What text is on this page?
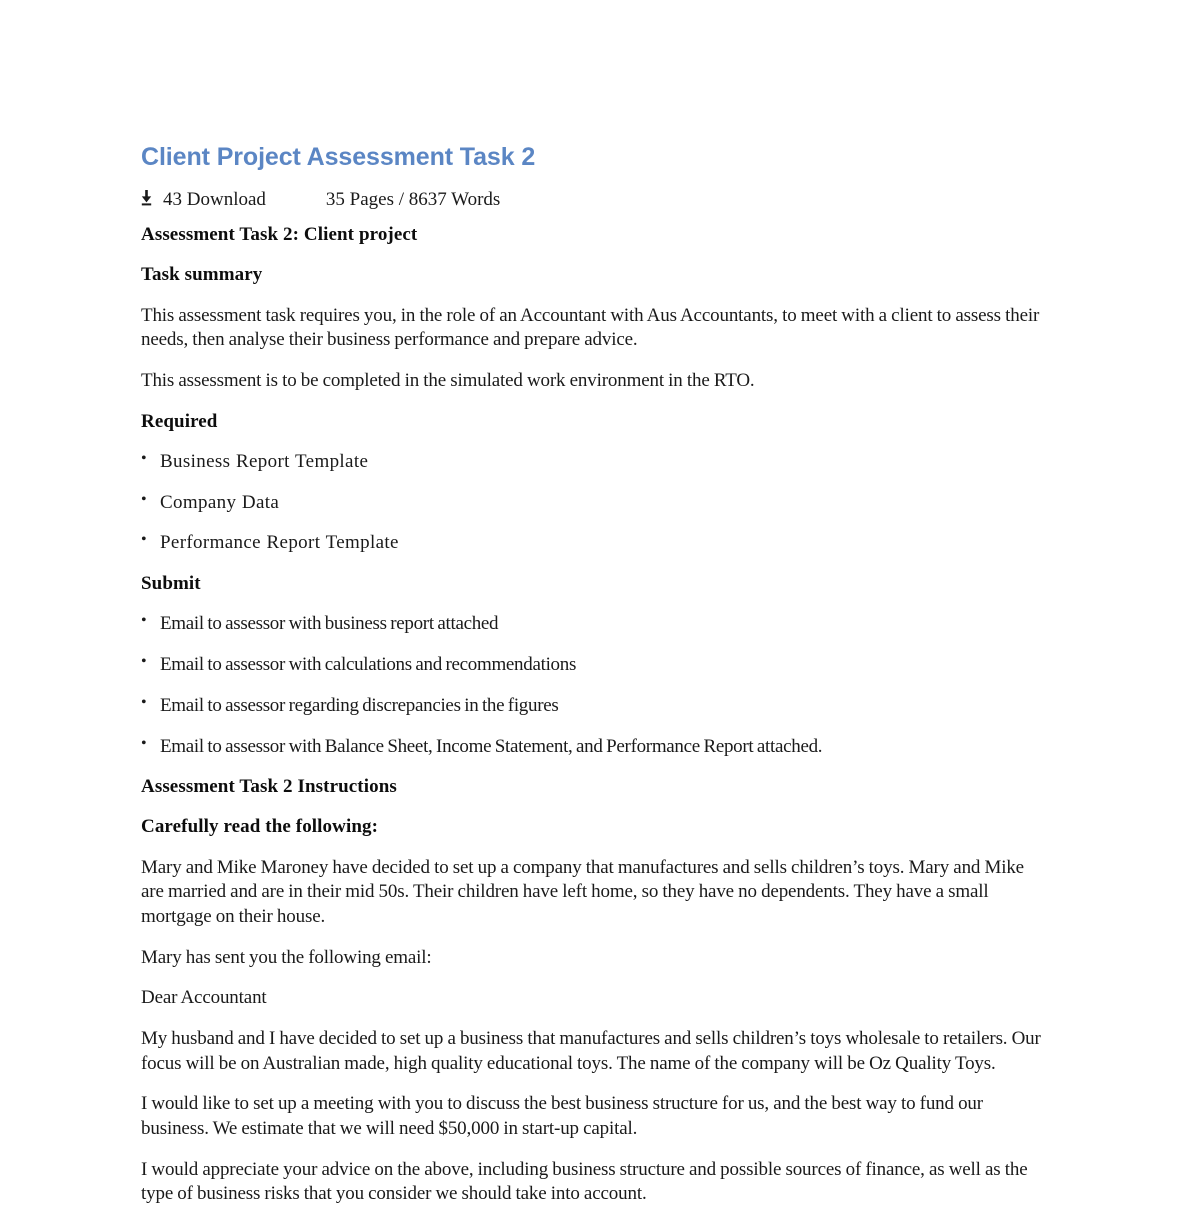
Client Project Assessment Task 2
43 Download	35 Pages / 8637 Words
Assessment Task 2: Client project
Task summary

This assessment task requires you, in the role of an Accountant with Aus Accountants, to meet with a client to assess their needs, then analyse their business performance and prepare advice.

This assessment is to be completed in the simulated work environment in the RTO.

Required
• Business Report Template
• Company Data
• Performance Report Template
Submit
• Email to assessor with business report attached
• Email to assessor with calculations and recommendations
• Email to assessor regarding discrepancies in the figures
• Email to assessor with Balance Sheet, Income Statement, and Performance Report attached.
Assessment Task 2 Instructions
Carefully read the following:

Mary and Mike Maroney have decided to set up a company that manufactures and sells children’s toys. Mary and Mike are married and are in their mid 50s. Their children have left home, so they have no dependents. They have a small mortgage on their house.

Mary has sent you the following email:

Dear Accountant

My husband and I have decided to set up a business that manufactures and sells children’s toys wholesale to retailers. Our focus will be on Australian made, high quality educational toys. The name of the company will be Oz Quality Toys.

I would like to set up a meeting with you to discuss the best business structure for us, and the best way to fund our business. We estimate that we will need $50,000 in start-up capital.

I would appreciate your advice on the above, including business structure and possible sources of finance, as well as the type of business risks that you consider we should take into account.
